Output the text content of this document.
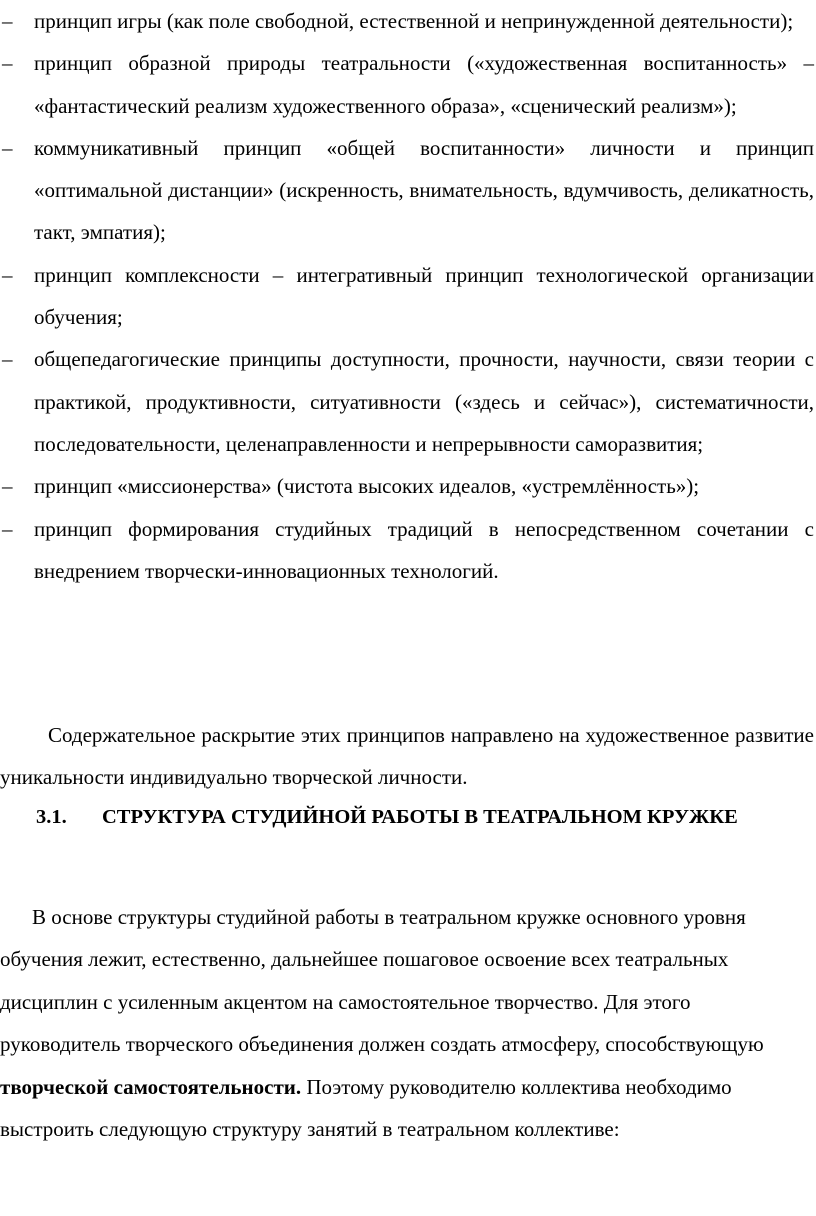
– принцип игры (как поле свободной, естественной и непринужденной деятельности);
– принцип образной природы театральности («художественная воспитанность» – «фантастический реализм художественного образа», «сценический реализм»);
– коммуникативный принцип «общей воспитанности» личности и принцип «оптимальной дистанции» (искренность, внимательность, вдумчивость, деликатность, такт, эмпатия);
– принцип комплексности – интегративный принцип технологической организации обучения;
– общепедагогические принципы доступности, прочности, научности, связи теории с практикой, продуктивности, ситуативности («здесь и сейчас»), систематичности, последовательности, целенаправленности и непрерывности саморазвития;
– принцип «миссионерства» (чистота высоких идеалов, «устремлённость»);
– принцип формирования студийных традиций в непосредственном сочетании с внедрением творчески-инновационных технологий.

Содержательное раскрытие этих принципов направлено на художественное развитие уникальности индивидуально творческой личности.

3.1.	СТРУКТУРА СТУДИЙНОЙ РАБОТЫ В ТЕАТРАЛЬНОМ КРУЖКЕ

В основе структуры студийной работы в театральном кружке основного уровня обучения лежит, естественно, дальнейшее пошаговое освоение всех театральных дисциплин с усиленным акцентом на самостоятельное творчество. Для этого руководитель творческого объединения должен создать атмосферу, способствующую творческой самостоятельности. Поэтому руководителю коллектива необходимо выстроить следующую структуру занятий в театральном коллективе:
